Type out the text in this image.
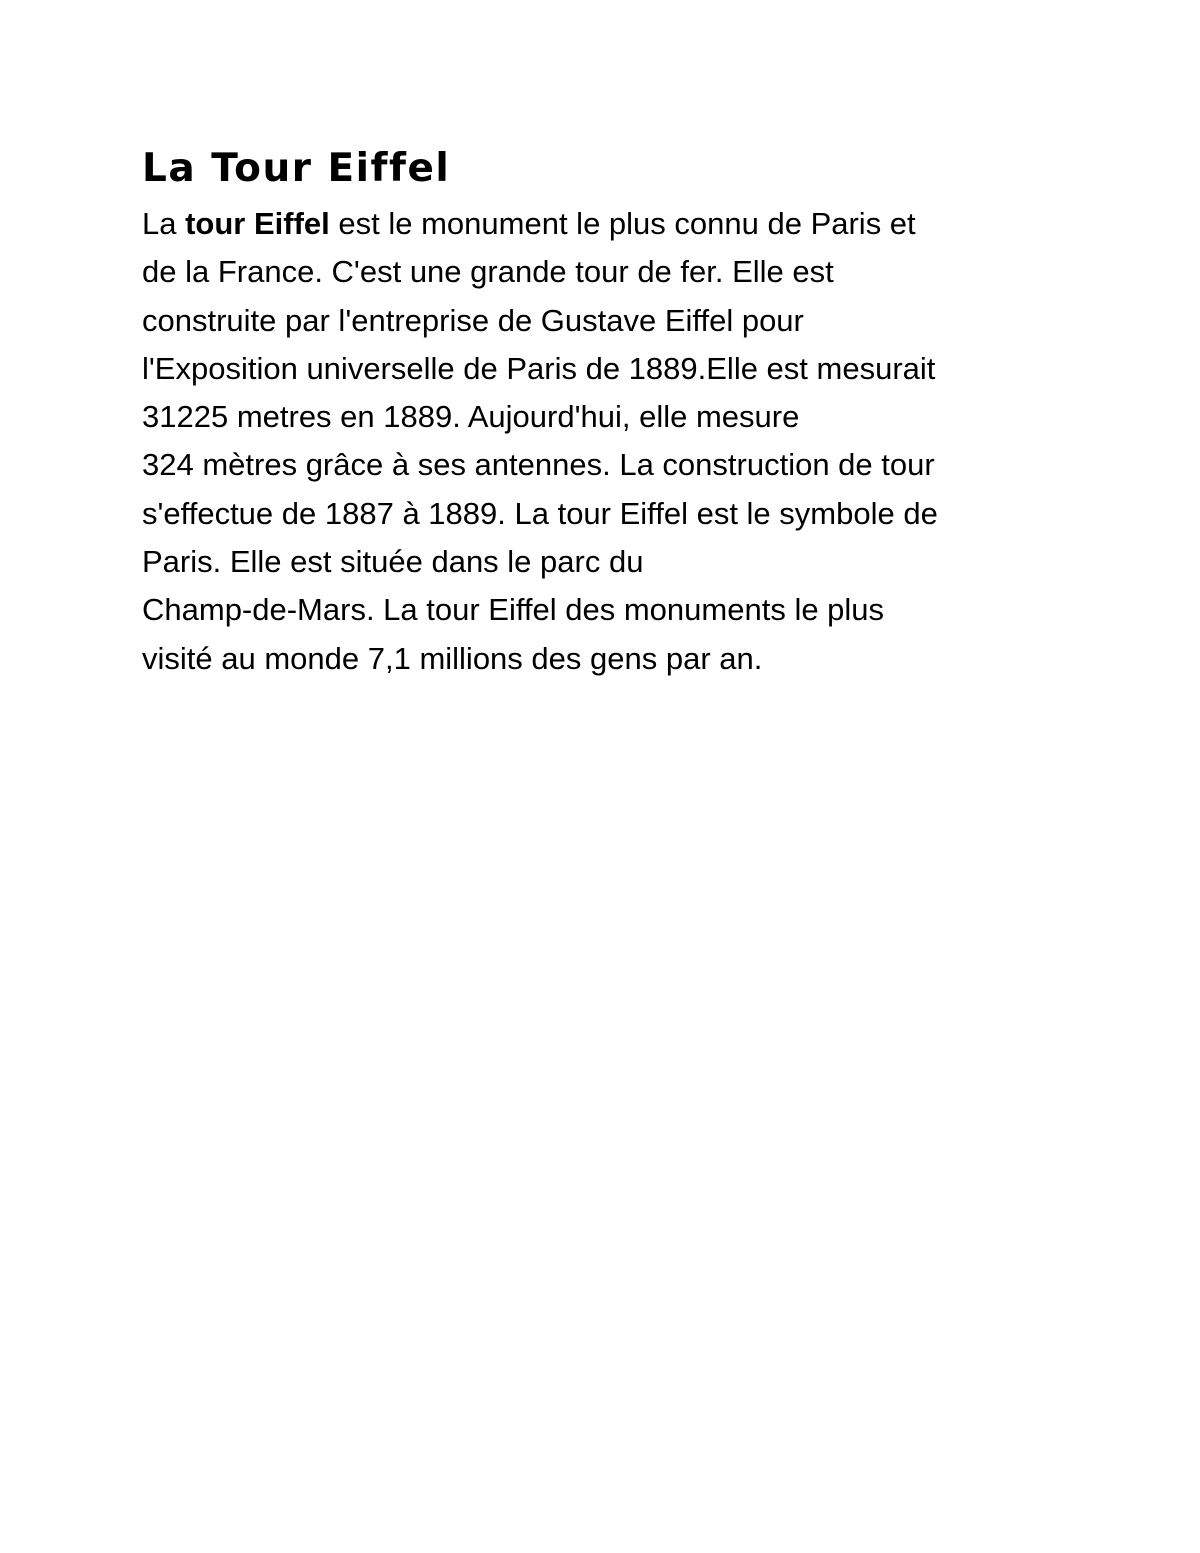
La Tour Eiffel
La tour Eiffel est le monument le plus connu de Paris et
de la France. C'est une grande tour de fer. Elle est
construite par l'entreprise de Gustave Eiffel pour
l'Exposition universelle de Paris de 1889.Elle est mesurait
31225 metres en 1889. Aujourd'hui, elle mesure
324 mètres grâce à ses antennes. La construction de tour
s'effectue de 1887 à 1889. La tour Eiffel est le symbole de
Paris. Elle est située dans le parc du
Champ-de-Mars. La tour Eiffel des monuments le plus
visité au monde 7,1 millions des gens par an.
